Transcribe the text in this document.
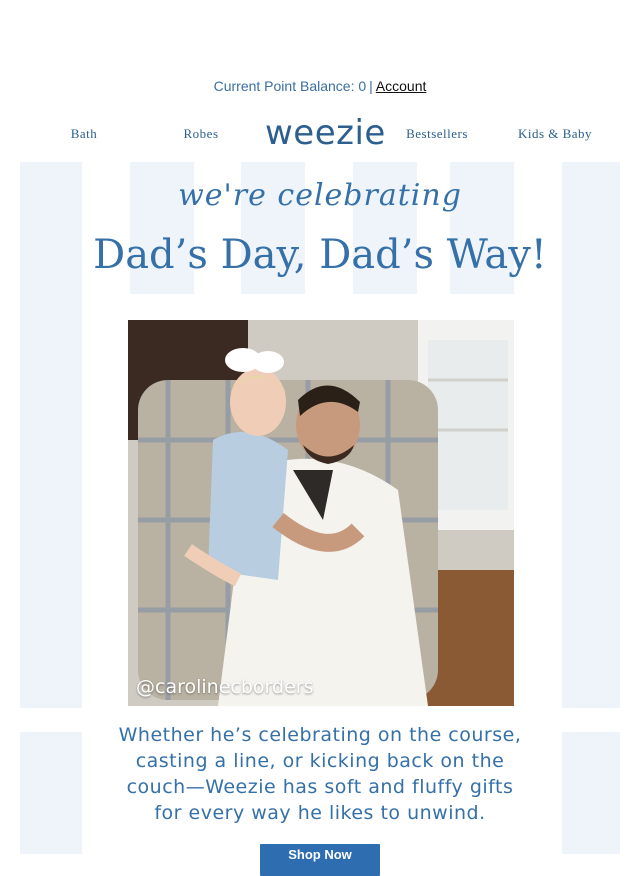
Current Point Balance: 0 | Account
Bath	Robes	weezie	Bestsellers	Kids & Baby
we're celebrating
Dad’s Day, Dad’s Way!
@carolinecborders
Whether he’s celebrating on the course, casting a line, or kicking back on the couch—Weezie has soft and fluffy gifts for every way he likes to unwind.
Shop Now
